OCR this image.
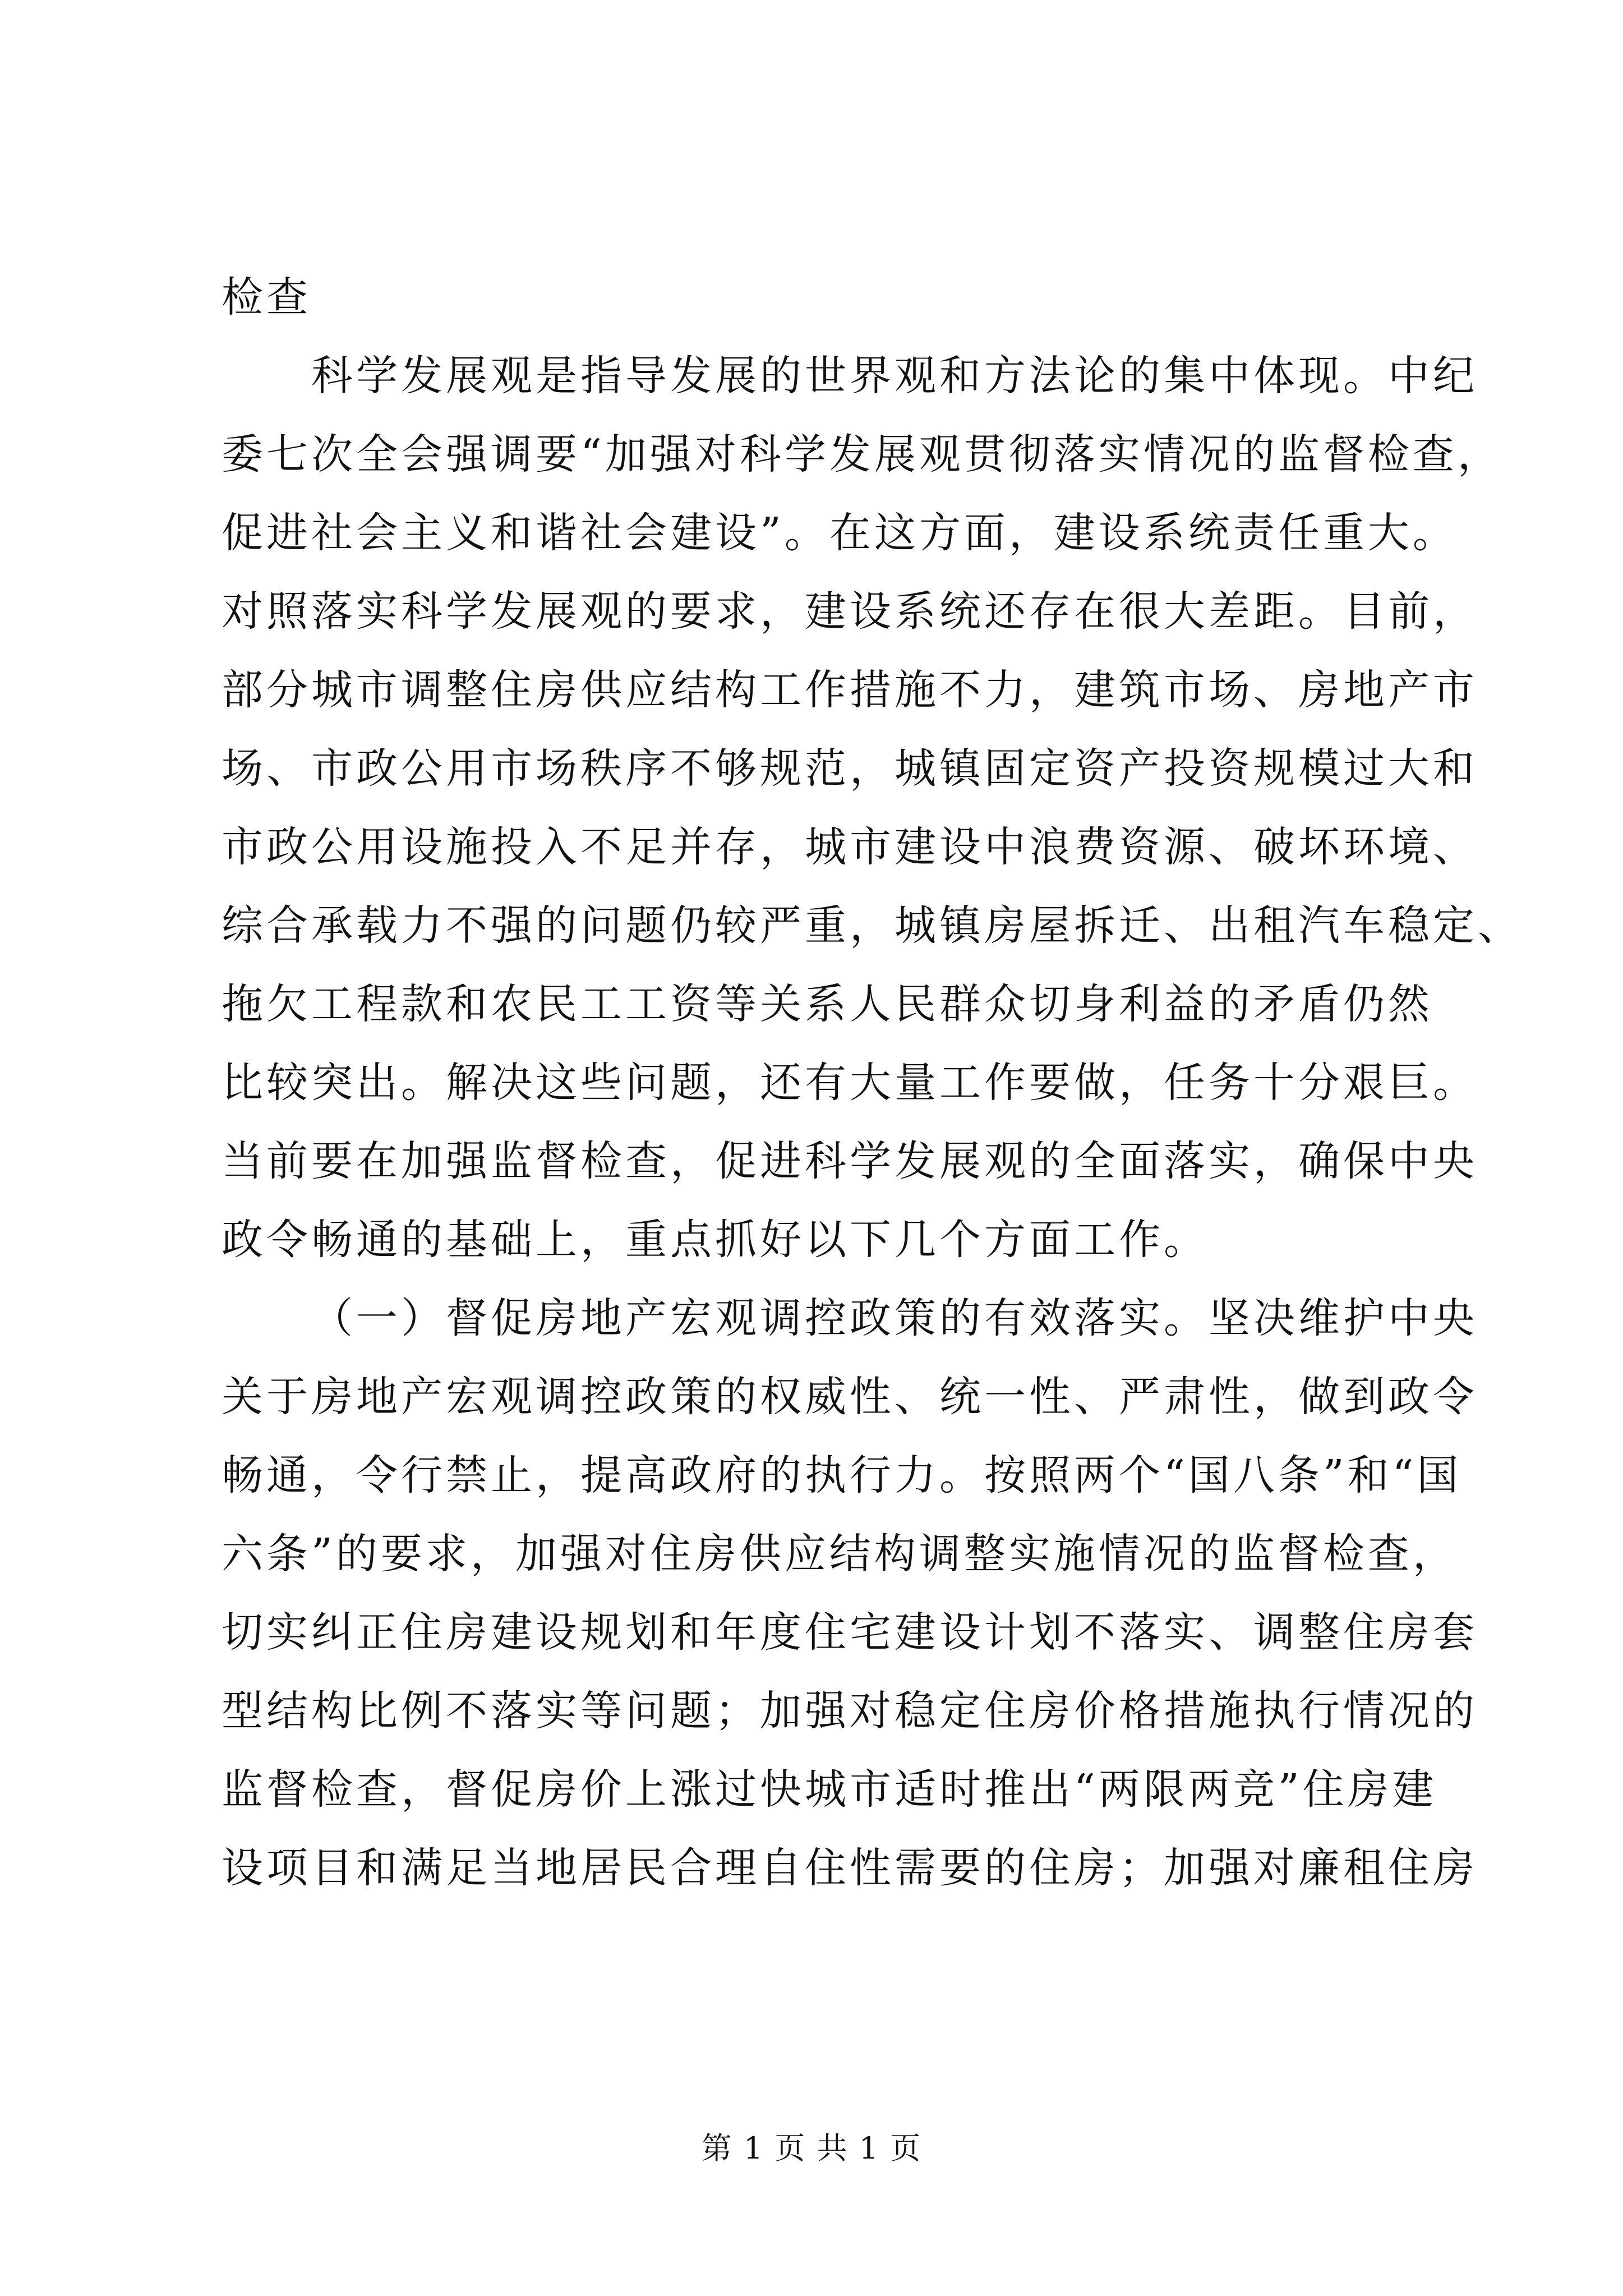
检查
科学发展观是指导发展的世界观和方法论的集中体现。中纪
委七次全会强调要“加强对科学发展观贯彻落实情况的监督检查，
促进社会主义和谐社会建设”。在这方面，建设系统责任重大。
对照落实科学发展观的要求，建设系统还存在很大差距。目前，
部分城市调整住房供应结构工作措施不力，建筑市场、房地产市
场、市政公用市场秩序不够规范，城镇固定资产投资规模过大和
市政公用设施投入不足并存，城市建设中浪费资源、破坏环境、
综合承载力不强的问题仍较严重，城镇房屋拆迁、出租汽车稳定、
拖欠工程款和农民工工资等关系人民群众切身利益的矛盾仍然
比较突出。解决这些问题，还有大量工作要做，任务十分艰巨。
当前要在加强监督检查，促进科学发展观的全面落实，确保中央
政令畅通的基础上，重点抓好以下几个方面工作。
（一）督促房地产宏观调控政策的有效落实。坚决维护中央
关于房地产宏观调控政策的权威性、统一性、严肃性，做到政令
畅通，令行禁止，提高政府的执行力。按照两个“国八条”和“国
六条”的要求，加强对住房供应结构调整实施情况的监督检查，
切实纠正住房建设规划和年度住宅建设计划不落实、调整住房套
型结构比例不落实等问题；加强对稳定住房价格措施执行情况的
监督检查，督促房价上涨过快城市适时推出“两限两竞”住房建
设项目和满足当地居民合理自住性需要的住房；加强对廉租住房
第 1 页 共 1 页
